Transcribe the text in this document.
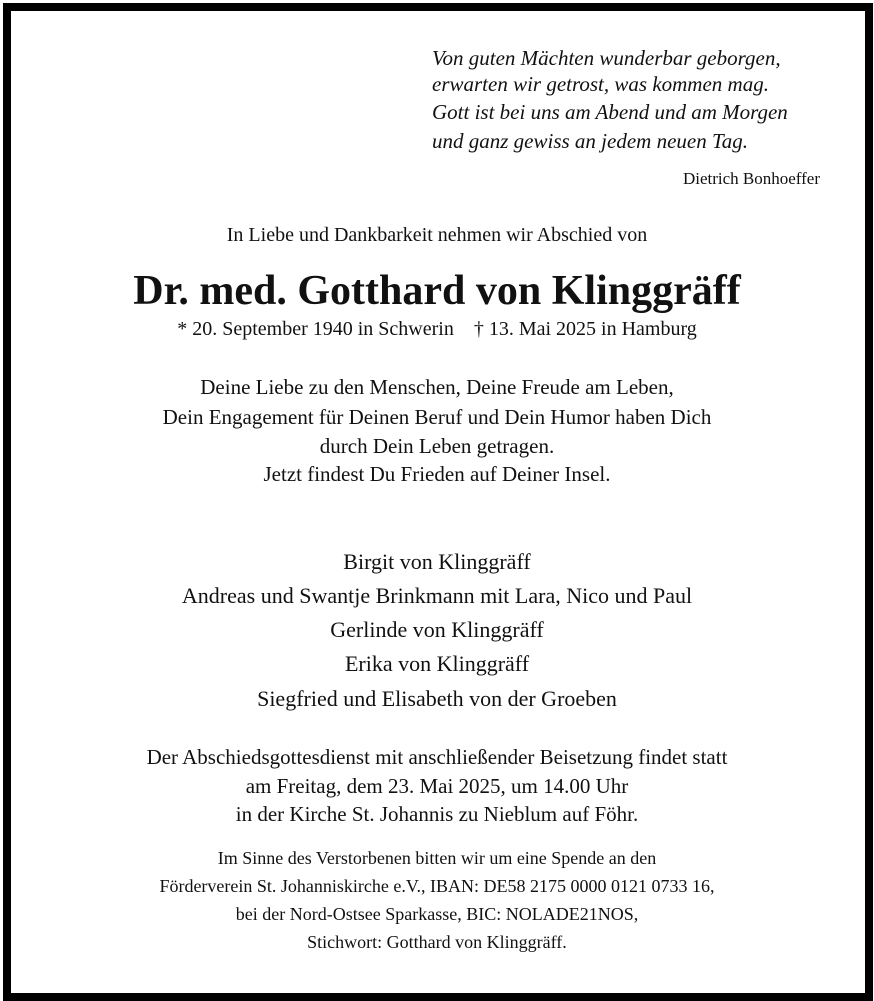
Von guten Mächten wunderbar geborgen,
erwarten wir getrost, was kommen mag.
Gott ist bei uns am Abend und am Morgen
und ganz gewiss an jedem neuen Tag.
Dietrich Bonhoeffer
In Liebe und Dankbarkeit nehmen wir Abschied von
Dr. med. Gotthard von Klinggräff
* 20. September 1940 in Schwerin † 13. Mai 2025 in Hamburg
Deine Liebe zu den Menschen, Deine Freude am Leben,
Dein Engagement für Deinen Beruf und Dein Humor haben Dich
durch Dein Leben getragen.
Jetzt findest Du Frieden auf Deiner Insel.
Birgit von Klinggräff
Andreas und Swantje Brinkmann mit Lara, Nico und Paul
Gerlinde von Klinggräff
Erika von Klinggräff
Siegfried und Elisabeth von der Groeben
Der Abschiedsgottesdienst mit anschließender Beisetzung findet statt
am Freitag, dem 23. Mai 2025, um 14.00 Uhr
in der Kirche St. Johannis zu Nieblum auf Föhr.
Im Sinne des Verstorbenen bitten wir um eine Spende an den
Förderverein St. Johanniskirche e.V., IBAN: DE58 2175 0000 0121 0733 16,
bei der Nord-Ostsee Sparkasse, BIC: NOLADE21NOS,
Stichwort: Gotthard von Klinggräff.
